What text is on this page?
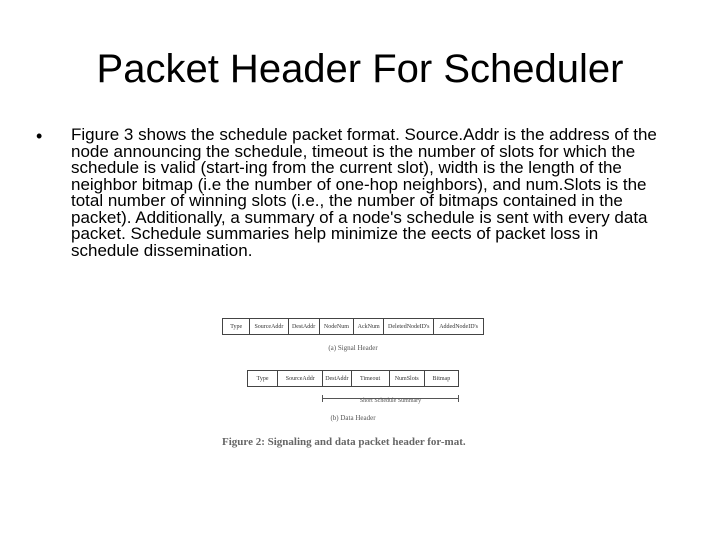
Packet Header For Scheduler
• Figure 3 shows the schedule packet format. Source.Addr is the address of the node announcing the schedule, timeout is the number of slots for which the schedule is valid (start-ing from the current slot), width is the length of the neighbor bitmap (i.e the number of one-hop neighbors), and num.Slots is the total number of winning slots (i.e., the number of bitmaps contained in the packet). Additionally, a summary of a node's schedule is sent with every data packet. Schedule summaries help minimize the eects of packet loss in schedule dissemination.
Type	SourceAddr	DestAddr	NodeNum	AckNum	DeletedNodeID's	AddedNodeID's
(a) Signal Header
Type	SourceAddr	DestAddr	Timeout	NumSlots	Bitmap
Short Schedule Summary
(b) Data Header
Figure 2: Signaling and data packet header for-mat.
